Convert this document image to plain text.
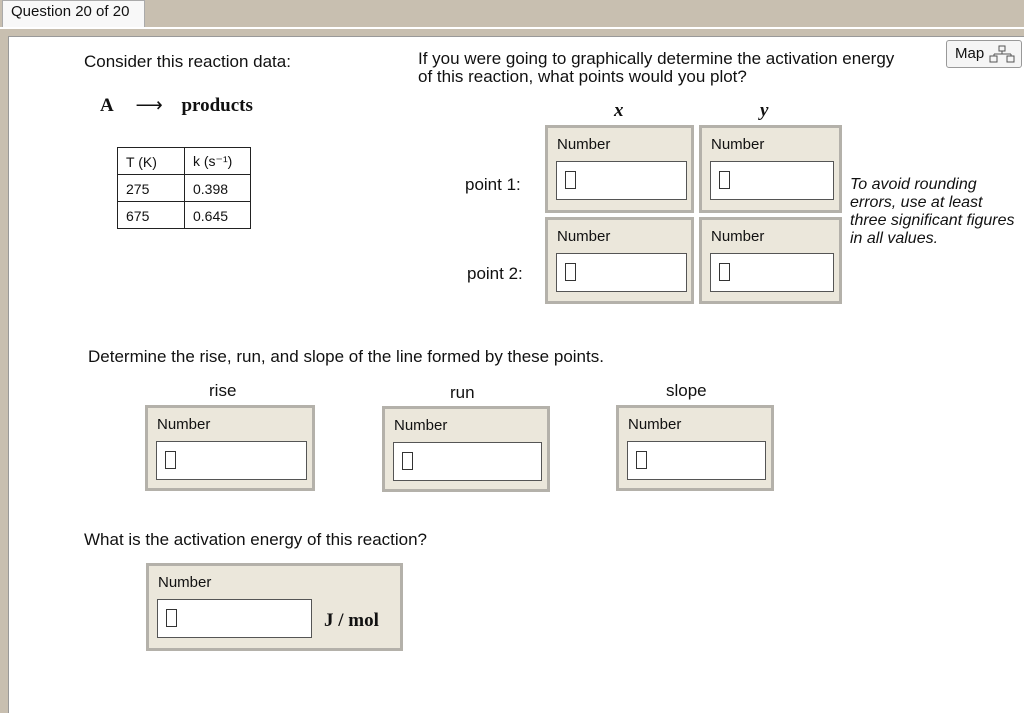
Question 20 of 20
Map
Consider this reaction data:
A ⟶ products
T (K)	k (s⁻¹)
275	0.398
675	0.645
If you were going to graphically determine the activation energy
of this reaction, what points would you plot?
x	y
point 1:
point 2:
Number	Number
Number	Number
To avoid rounding errors, use at least three significant figures in all values.
Determine the rise, run, and slope of the line formed by these points.
rise	run	slope
Number	Number	Number
What is the activation energy of this reaction?
Number
J / mol
